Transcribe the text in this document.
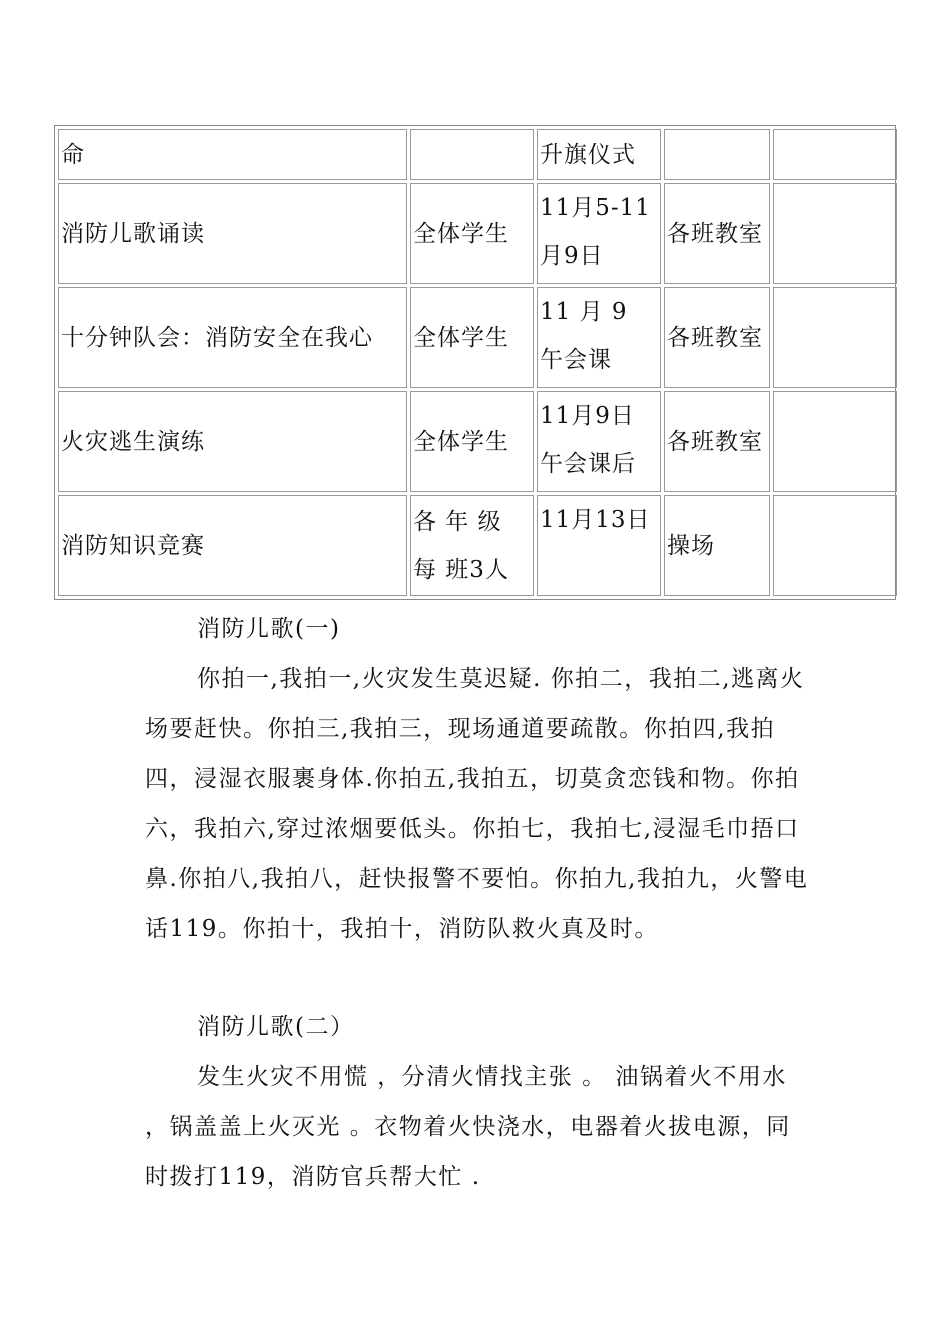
命		升旗仪式		
消防儿歌诵读	全体学生	11月5-11月9日	各班教室	
十分钟队会：消防安全在我心	全体学生	11 月 9 午会课	各班教室	
火灾逃生演练	全体学生	11月9日午会课后	各班教室	
消防知识竞赛	各 年 级 每 班3人	11月13日	操场	

消防儿歌(一)

你拍一,我拍一,火灾发生莫迟疑. 你拍二，我拍二,逃离火场要赶快。你拍三,我拍三，现场通道要疏散。你拍四,我拍四，浸湿衣服裹身体.你拍五,我拍五，切莫贪恋钱和物。你拍六，我拍六,穿过浓烟要低头。你拍七，我拍七,浸湿毛巾捂口鼻.你拍八,我拍八，赶快报警不要怕。你拍九,我拍九，火警电话119。你拍十，我拍十，消防队救火真及时。

消防儿歌(二）

发生火灾不用慌 ，分清火情找主张 。 油锅着火不用水 ，锅盖盖上火灭光 。衣物着火快浇水，电器着火拔电源，同时拨打119，消防官兵帮大忙 .
